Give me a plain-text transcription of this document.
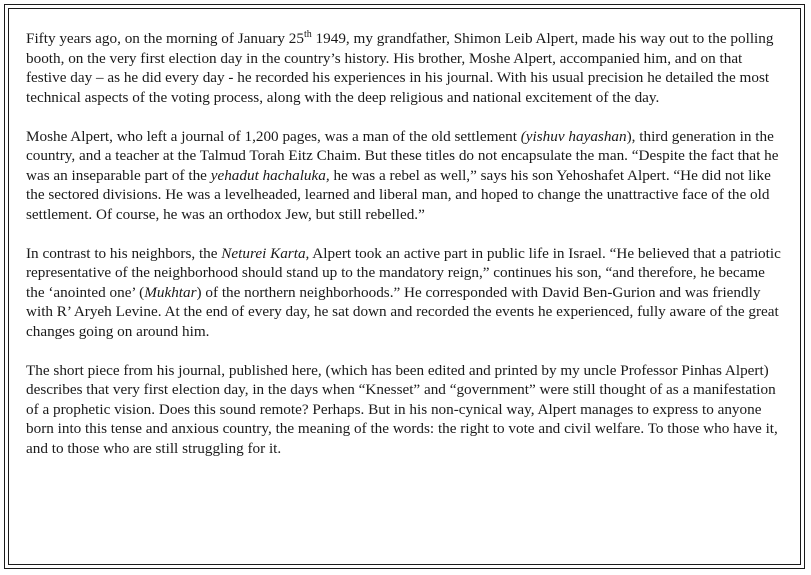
Fifty years ago, on the morning of January 25th 1949, my grandfather, Shimon Leib Alpert, made his way out to the polling booth, on the very first election day in the country’s history. His brother, Moshe Alpert, accompanied him, and on that festive day – as he did every day - he recorded his experiences in his journal. With his usual precision he detailed the most technical aspects of the voting process, along with the deep religious and national excitement of the day.

Moshe Alpert, who left a journal of 1,200 pages, was a man of the old settlement (yishuv hayashan), third generation in the country, and a teacher at the Talmud Torah Eitz Chaim. But these titles do not encapsulate the man. “Despite the fact that he was an inseparable part of the yehadut hachaluka, he was a rebel as well,” says his son Yehoshafet Alpert. “He did not like the sectored divisions. He was a levelheaded, learned and liberal man, and hoped to change the unattractive face of the old settlement. Of course, he was an orthodox Jew, but still rebelled.”

In contrast to his neighbors, the Neturei Karta, Alpert took an active part in public life in Israel. “He believed that a patriotic representative of the neighborhood should stand up to the mandatory reign,” continues his son, “and therefore, he became the ‘anointed one’ (Mukhtar) of the northern neighborhoods.” He corresponded with David Ben-Gurion and was friendly with R’ Aryeh Levine. At the end of every day, he sat down and recorded the events he experienced, fully aware of the great changes going on around him.

The short piece from his journal, published here, (which has been edited and printed by my uncle Professor Pinhas Alpert) describes that very first election day, in the days when “Knesset” and “government” were still thought of as a manifestation of a prophetic vision. Does this sound remote? Perhaps. But in his non-cynical way, Alpert manages to express to anyone born into this tense and anxious country, the meaning of the words: the right to vote and civil welfare. To those who have it, and to those who are still struggling for it.
